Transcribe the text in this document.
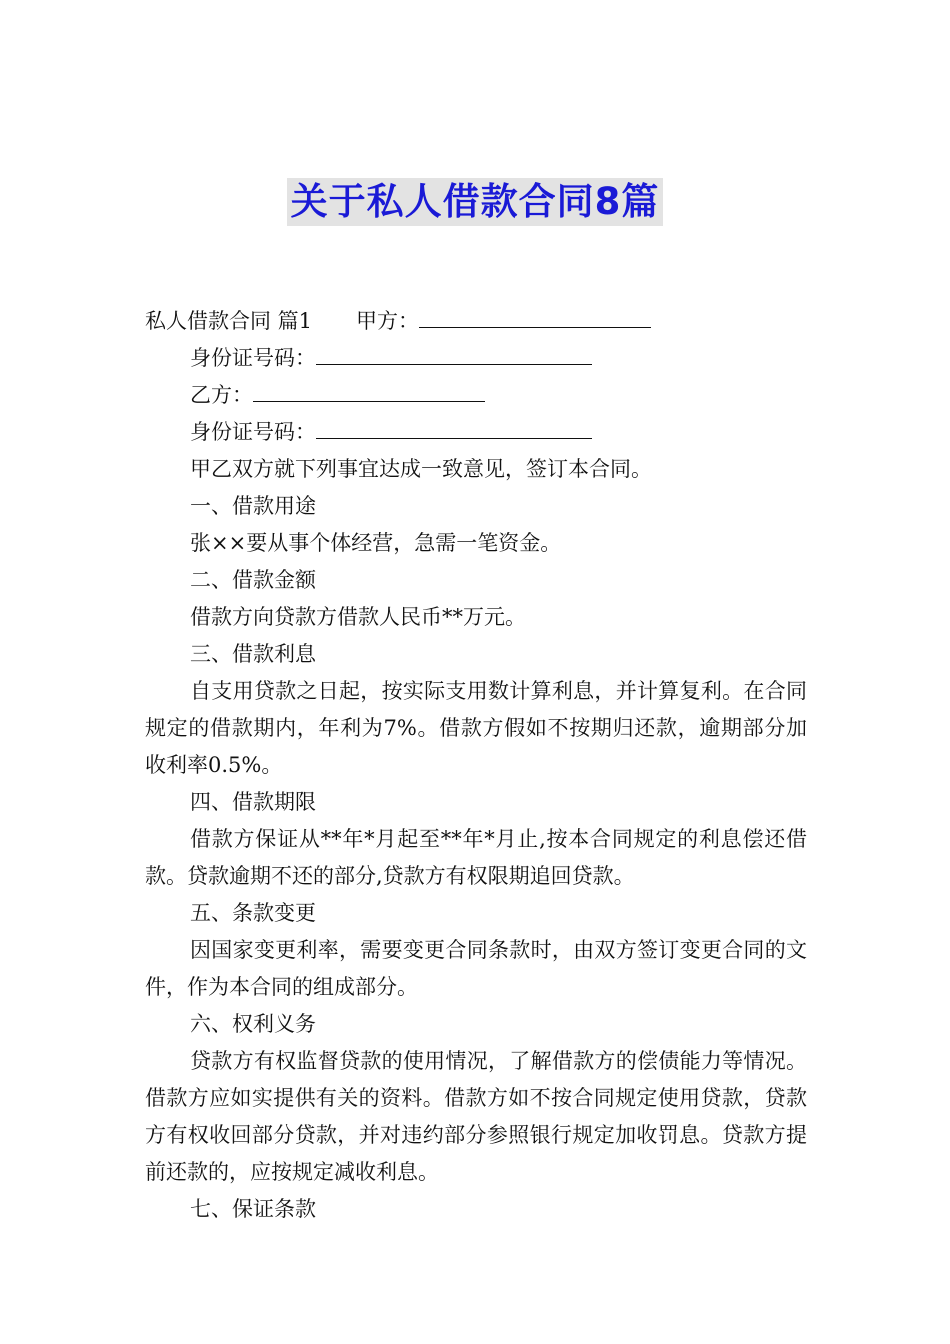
关于私人借款合同8篇
私人借款合同 篇1 甲方：
身份证号码：
乙方：
身份证号码：
甲乙双方就下列事宜达成一致意见，签订本合同。
一、借款用途
张××要从事个体经营，急需一笔资金。
二、借款金额
借款方向贷款方借款人民币**万元。
三、借款利息
自支用贷款之日起，按实际支用数计算利息，并计算复利。在合同规定的借款期内，年利为7%。借款方假如不按期归还款，逾期部分加收利率0.5%。
四、借款期限
借款方保证从**年*月起至**年*月止,按本合同规定的利息偿还借款。贷款逾期不还的部分,贷款方有权限期追回贷款。
五、条款变更
因国家变更利率，需要变更合同条款时，由双方签订变更合同的文件，作为本合同的组成部分。
六、权利义务
贷款方有权监督贷款的使用情况，了解借款方的偿债能力等情况。借款方应如实提供有关的资料。借款方如不按合同规定使用贷款，贷款方有权收回部分贷款，并对违约部分参照银行规定加收罚息。贷款方提前还款的，应按规定减收利息。
七、保证条款
